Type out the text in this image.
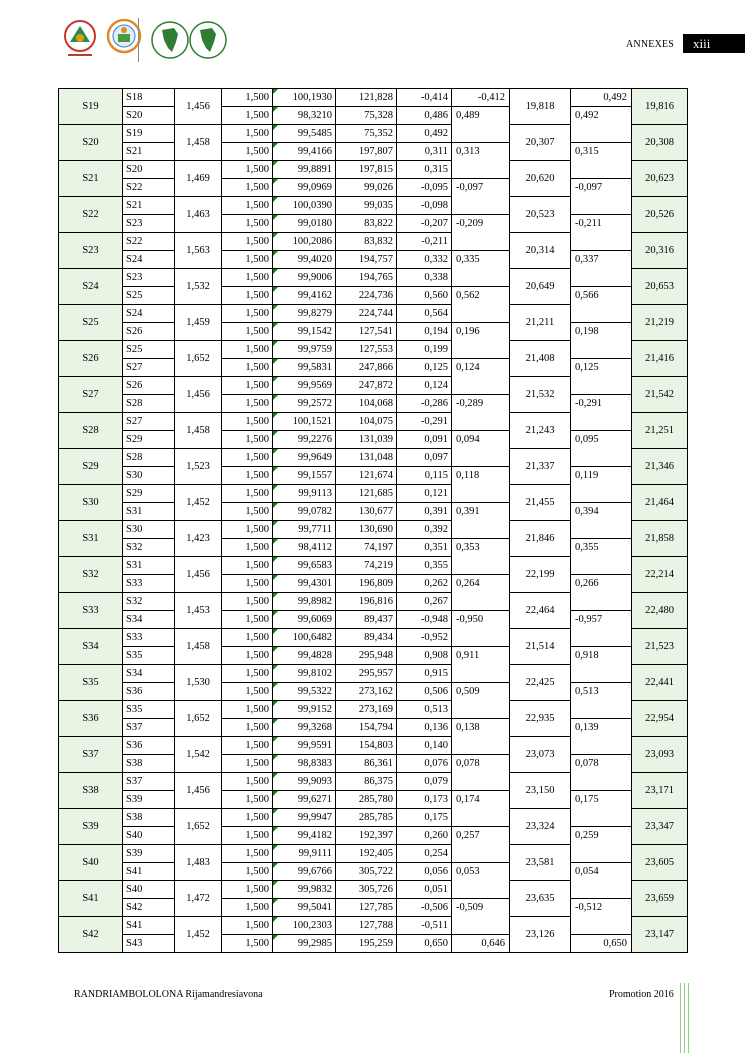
ANNEXES	xiii
S19	S18	1,456	1,500	100,1930	121,828	-0,414	-0,412	19,818	0,492	19,816
	S20		1,500	98,3210	75,328	0,486	0,489		0,492	

S20	S19	1,458	1,500	99,5485	75,352	0,492		20,307		20,308
	S21		1,500	99,4166	197,807	0,311	0,313		0,315	

S21	S20	1,469	1,500	99,8891	197,815	0,315		20,620		20,623
	S22		1,500	99,0969	99,026	-0,095	-0,097		-0,097	

S22	S21	1,463	1,500	100,0390	99,035	-0,098		20,523		20,526
	S23		1,500	99,0180	83,822	-0,207	-0,209		-0,211	

S23	S22	1,563	1,500	100,2086	83,832	-0,211		20,314		20,316
	S24		1,500	99,4020	194,757	0,332	0,335		0,337	

S24	S23	1,532	1,500	99,9006	194,765	0,338		20,649		20,653
	S25		1,500	99,4162	224,736	0,560	0,562		0,566	

S25	S24	1,459	1,500	99,8279	224,744	0,564		21,211		21,219
	S26		1,500	99,1542	127,541	0,194	0,196		0,198	

S26	S25	1,652	1,500	99,9759	127,553	0,199		21,408		21,416
	S27		1,500	99,5831	247,866	0,125	0,124		0,125	

S27	S26	1,456	1,500	99,9569	247,872	0,124		21,532		21,542
	S28		1,500	99,2572	104,068	-0,286	-0,289		-0,291	

S28	S27	1,458	1,500	100,1521	104,075	-0,291		21,243		21,251
	S29		1,500	99,2276	131,039	0,091	0,094		0,095	

S29	S28	1,523	1,500	99,9649	131,048	0,097		21,337		21,346
	S30		1,500	99,1557	121,674	0,115	0,118		0,119	

S30	S29	1,452	1,500	99,9113	121,685	0,121		21,455		21,464
	S31		1,500	99,0782	130,677	0,391	0,391		0,394	

S31	S30	1,423	1,500	99,7711	130,690	0,392		21,846		21,858
	S32		1,500	98,4112	74,197	0,351	0,353		0,355	

S32	S31	1,456	1,500	99,6583	74,219	0,355		22,199		22,214
	S33		1,500	99,4301	196,809	0,262	0,264		0,266	

S33	S32	1,453	1,500	99,8982	196,816	0,267		22,464		22,480
	S34		1,500	99,6069	89,437	-0,948	-0,950		-0,957	

S34	S33	1,458	1,500	100,6482	89,434	-0,952		21,514		21,523
	S35		1,500	99,4828	295,948	0,908	0,911		0,918	

S35	S34	1,530	1,500	99,8102	295,957	0,915		22,425		22,441
	S36		1,500	99,5322	273,162	0,506	0,509		0,513	

S36	S35	1,652	1,500	99,9152	273,169	0,513		22,935		22,954
	S37		1,500	99,3268	154,794	0,136	0,138		0,139	

S37	S36	1,542	1,500	99,9591	154,803	0,140		23,073		23,093
	S38		1,500	98,8383	86,361	0,076	0,078		0,078	

S38	S37	1,456	1,500	99,9093	86,375	0,079		23,150		23,171
	S39		1,500	99,6271	285,780	0,173	0,174		0,175	

S39	S38	1,652	1,500	99,9947	285,785	0,175		23,324		23,347
	S40		1,500	99,4182	192,397	0,260	0,257		0,259	

S40	S39	1,483	1,500	99,9111	192,405	0,254		23,581		23,605
	S41		1,500	99,6766	305,722	0,056	0,053		0,054	

S41	S40	1,472	1,500	99,9832	305,726	0,051		23,635		23,659
	S42		1,500	99,5041	127,785	-0,506	-0,509		-0,512	

S42	S41	1,452	1,500	100,2303	127,788	-0,511		23,126		23,147
	S43		1,500	99,2985	195,259	0,650	0,646		0,650	
RANDRIAMBOLOLONA Rijamandresiavona	Promotion 2016
